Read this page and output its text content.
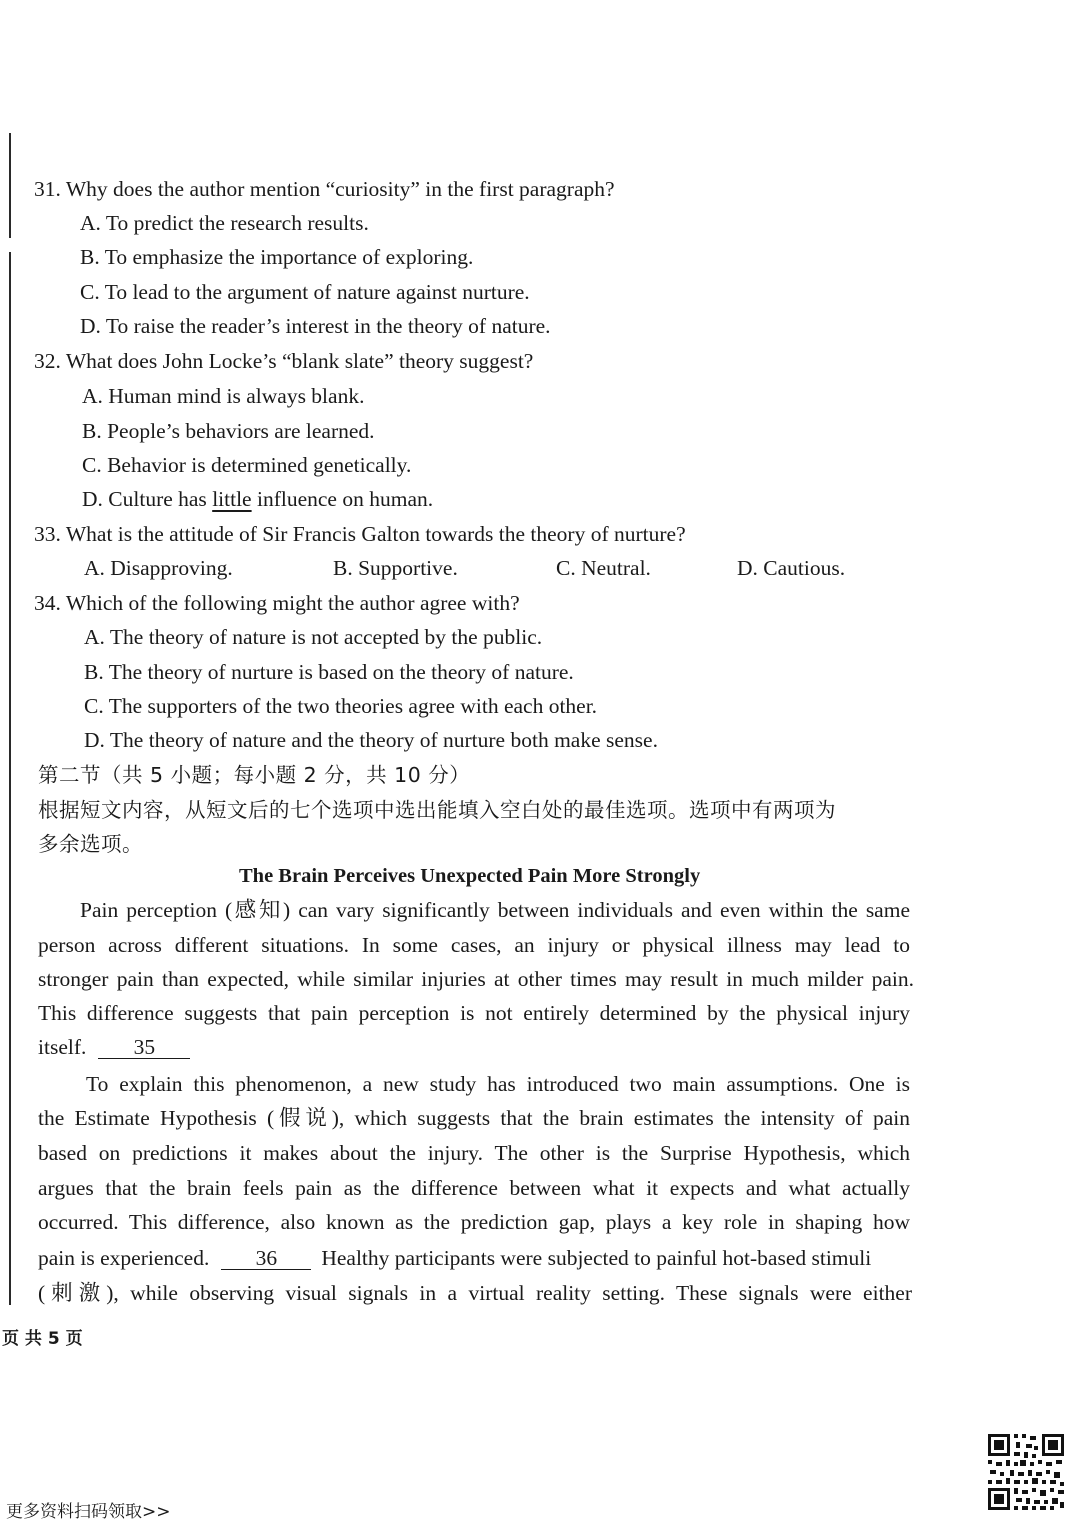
31. Why does the author mention “curiosity” in the first paragraph?
A. To predict the research results.
B. To emphasize the importance of exploring.
C. To lead to the argument of nature against nurture.
D. To raise the reader’s interest in the theory of nature.
32. What does John Locke’s “blank slate” theory suggest?
A. Human mind is always blank.
B. People’s behaviors are learned.
C. Behavior is determined genetically.
D. Culture has little influence on human.
33. What is the attitude of Sir Francis Galton towards the theory of nurture?
A. Disapproving.	B. Supportive.	C. Neutral.	D. Cautious.
34. Which of the following might the author agree with?
A. The theory of nature is not accepted by the public.
B. The theory of nurture is based on the theory of nature.
C. The supporters of the two theories agree with each other.
D. The theory of nature and the theory of nurture both make sense.
第二节（共 5 小题；每小题 2 分，共 10 分）
根据短文内容，从短文后的七个选项中选出能填入空白处的最佳选项。选项中有两项为
多余选项。
The Brain Perceives Unexpected Pain More Strongly
Pain perception (感知) can vary significantly between individuals and even within the same
person across different situations. In some cases, an injury or physical illness may lead to
stronger pain than expected, while similar injuries at other times may result in much milder pain.
This difference suggests that pain perception is not entirely determined by the physical injury
itself. 35
To explain this phenomenon, a new study has introduced two main assumptions. One is
the Estimate Hypothesis (假说), which suggests that the brain estimates the intensity of pain
based on predictions it makes about the injury. The other is the Surprise Hypothesis, which
argues that the brain feels pain as the difference between what it expects and what actually
occurred. This difference, also known as the prediction gap, plays a key role in shaping how
pain is experienced. 36 Healthy participants were subjected to painful hot-based stimuli
(刺激), while observing visual signals in a virtual reality setting. These signals were either
页 共 5 页
更多资料扫码领取>>
